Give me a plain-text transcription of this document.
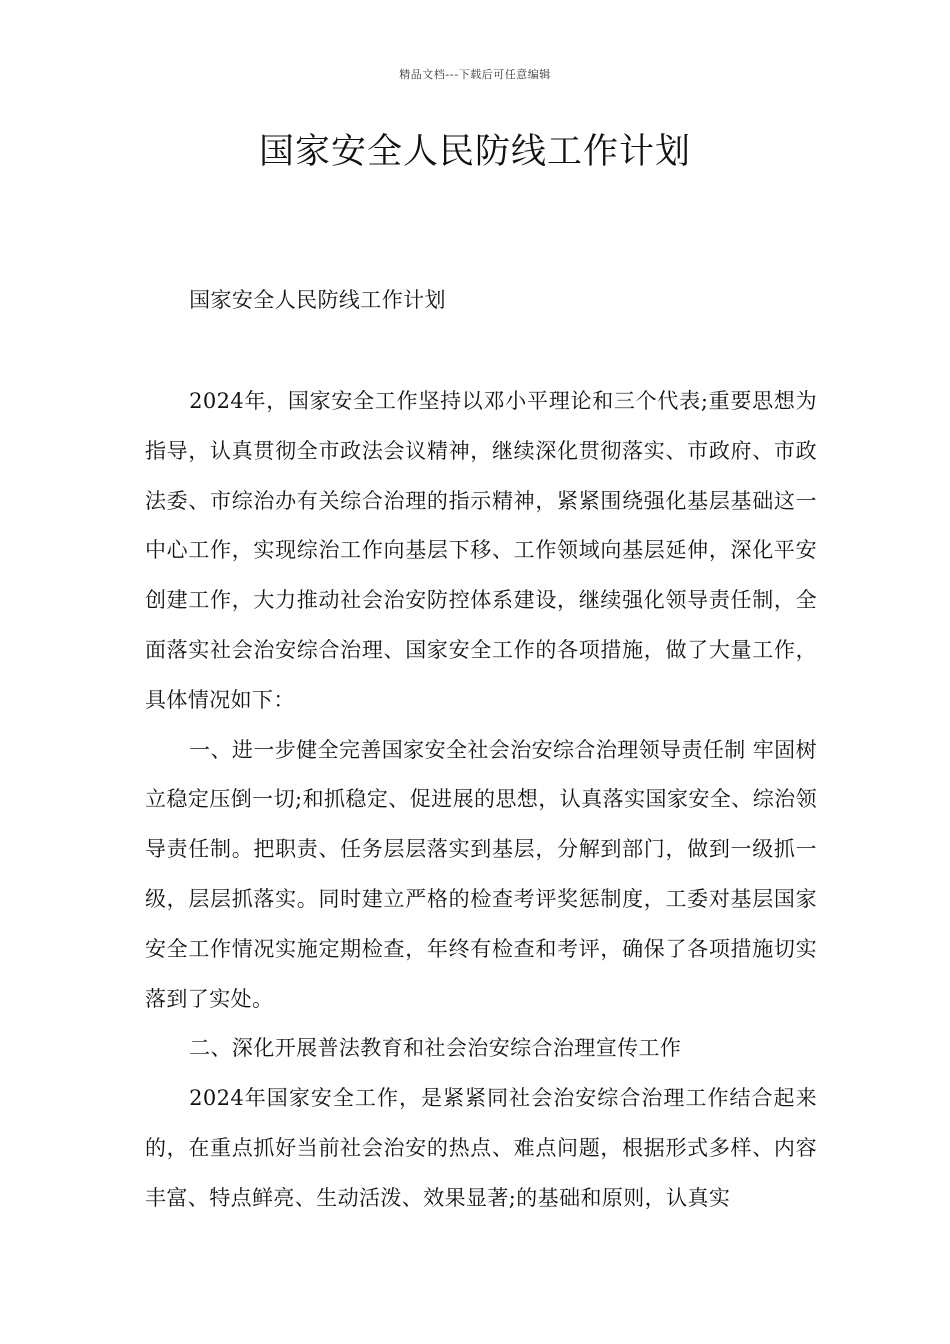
精品文档---下载后可任意编辑
国家安全人民防线工作计划

国家安全人民防线工作计划

2024年，国家安全工作坚持以邓小平理论和三个代表;重要思想为指导，认真贯彻全市政法会议精神，继续深化贯彻落实、市政府、市政法委、市综治办有关综合治理的指示精神，紧紧围绕强化基层基础这一中心工作，实现综治工作向基层下移、工作领域向基层延伸，深化平安创建工作，大力推动社会治安防控体系建设，继续强化领导责任制，全面落实社会治安综合治理、国家安全工作的各项措施，做了大量工作，具体情况如下：

一、进一步健全完善国家安全社会治安综合治理领导责任制 牢固树立稳定压倒一切;和抓稳定、促进展的思想，认真落实国家安全、综治领导责任制。把职责、任务层层落实到基层，分解到部门，做到一级抓一级，层层抓落实。同时建立严格的检查考评奖惩制度，工委对基层国家安全工作情况实施定期检查，年终有检查和考评，确保了各项措施切实落到了实处。

二、深化开展普法教育和社会治安综合治理宣传工作

2024年国家安全工作，是紧紧同社会治安综合治理工作结合起来的，在重点抓好当前社会治安的热点、难点问题，根据形式多样、内容丰富、特点鲜亮、生动活泼、效果显著;的基础和原则，认真实
